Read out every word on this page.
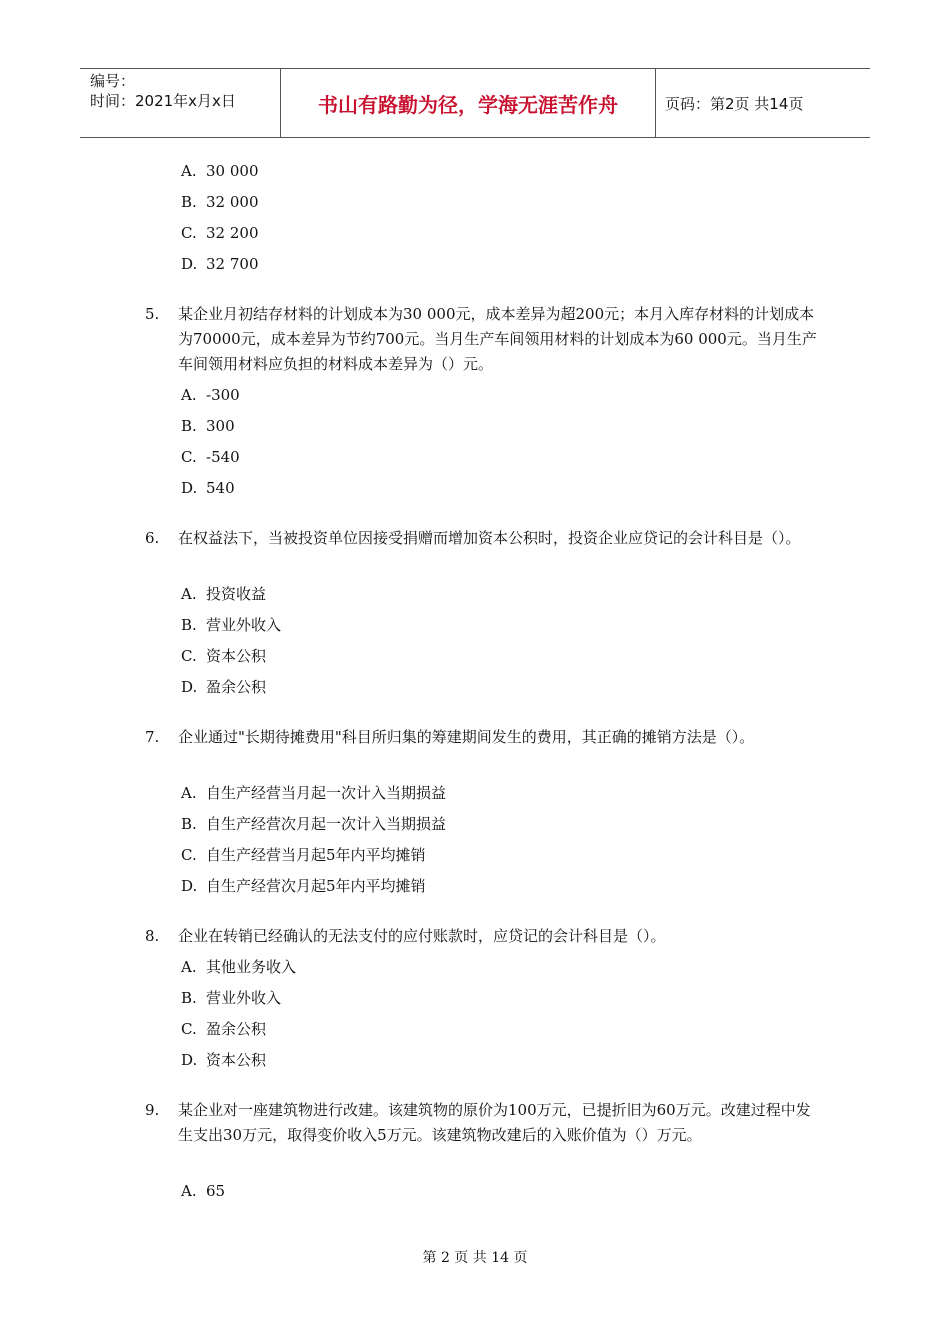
编号：
时间：2021年x月x日	书山有路勤为径，学海无涯苦作舟	页码：第2页 共14页
A. 30 000
B. 32 000
C. 32 200
D. 32 700
5. 某企业月初结存材料的计划成本为30 000元，成本差异为超200元；本月入库存材料的计划成本为70000元，成本差异为节约700元。当月生产车间领用材料的计划成本为60 000元。当月生产车间领用材料应负担的材料成本差异为（）元。
A. -300
B. 300
C. -540
D. 540
6. 在权益法下，当被投资单位因接受捐赠而增加资本公积时，投资企业应贷记的会计科目是（）。
A. 投资收益
B. 营业外收入
C. 资本公积
D. 盈余公积
7. 企业通过"长期待摊费用"科目所归集的筹建期间发生的费用，其正确的摊销方法是（）。
A. 自生产经营当月起一次计入当期损益
B. 自生产经营次月起一次计入当期损益
C. 自生产经营当月起5年内平均摊销
D. 自生产经营次月起5年内平均摊销
8. 企业在转销已经确认的无法支付的应付账款时，应贷记的会计科目是（）。
A. 其他业务收入
B. 营业外收入
C. 盈余公积
D. 资本公积
9. 某企业对一座建筑物进行改建。该建筑物的原价为100万元，已提折旧为60万元。改建过程中发生支出30万元，取得变价收入5万元。该建筑物改建后的入账价值为（）万元。
A. 65
第 2 页 共 14 页
